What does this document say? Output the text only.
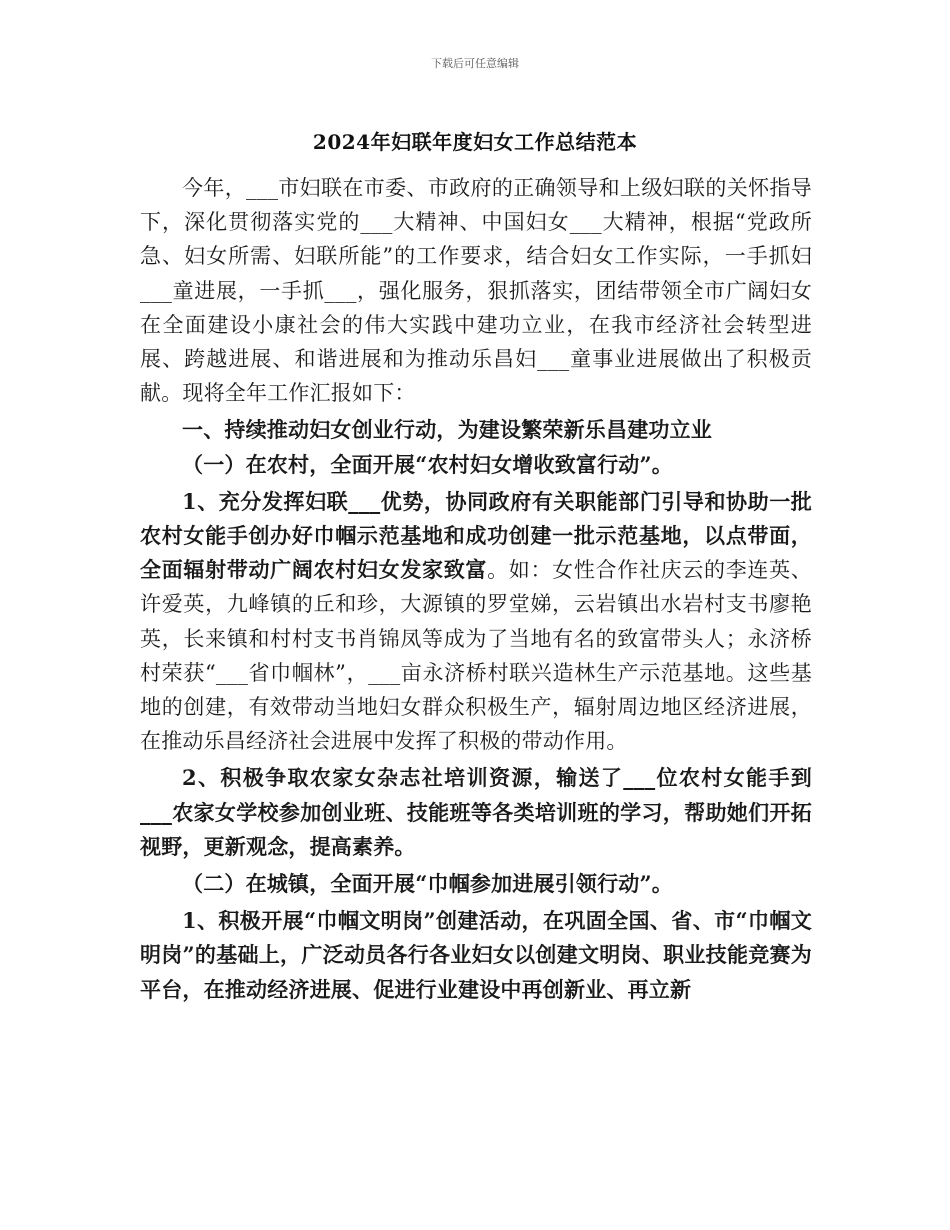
下载后可任意编辑
2024年妇联年度妇女工作总结范本

今年，___市妇联在市委、市政府的正确领导和上级妇联的关怀指导下，深化贯彻落实党的___大精神、中国妇女___大精神，根据“党政所急、妇女所需、妇联所能”的工作要求，结合妇女工作实际，一手抓妇___童进展，一手抓___，强化服务，狠抓落实，团结带领全市广阔妇女在全面建设小康社会的伟大实践中建功立业，在我市经济社会转型进展、跨越进展、和谐进展和为推动乐昌妇___童事业进展做出了积极贡献。现将全年工作汇报如下：

一、持续推动妇女创业行动，为建设繁荣新乐昌建功立业

（一）在农村，全面开展“农村妇女增收致富行动”。

1、充分发挥妇联___优势，协同政府有关职能部门引导和协助一批农村女能手创办好巾帼示范基地和成功创建一批示范基地，以点带面，全面辐射带动广阔农村妇女发家致富。如：女性合作社庆云的李连英、许爱英，九峰镇的丘和珍，大源镇的罗堂娣，云岩镇出水岩村支书廖艳英，长来镇和村村支书肖锦凤等成为了当地有名的致富带头人；永济桥村荣获“___省巾帼林”，___亩永济桥村联兴造林生产示范基地。这些基地的创建，有效带动当地妇女群众积极生产，辐射周边地区经济进展，在推动乐昌经济社会进展中发挥了积极的带动作用。

2、积极争取农家女杂志社培训资源，输送了___位农村女能手到___农家女学校参加创业班、技能班等各类培训班的学习，帮助她们开拓视野，更新观念，提高素养。

（二）在城镇，全面开展“巾帼参加进展引领行动”。

1、积极开展“巾帼文明岗”创建活动，在巩固全国、省、市“巾帼文明岗”的基础上，广泛动员各行各业妇女以创建文明岗、职业技能竞赛为平台，在推动经济进展、促进行业建设中再创新业、再立新
